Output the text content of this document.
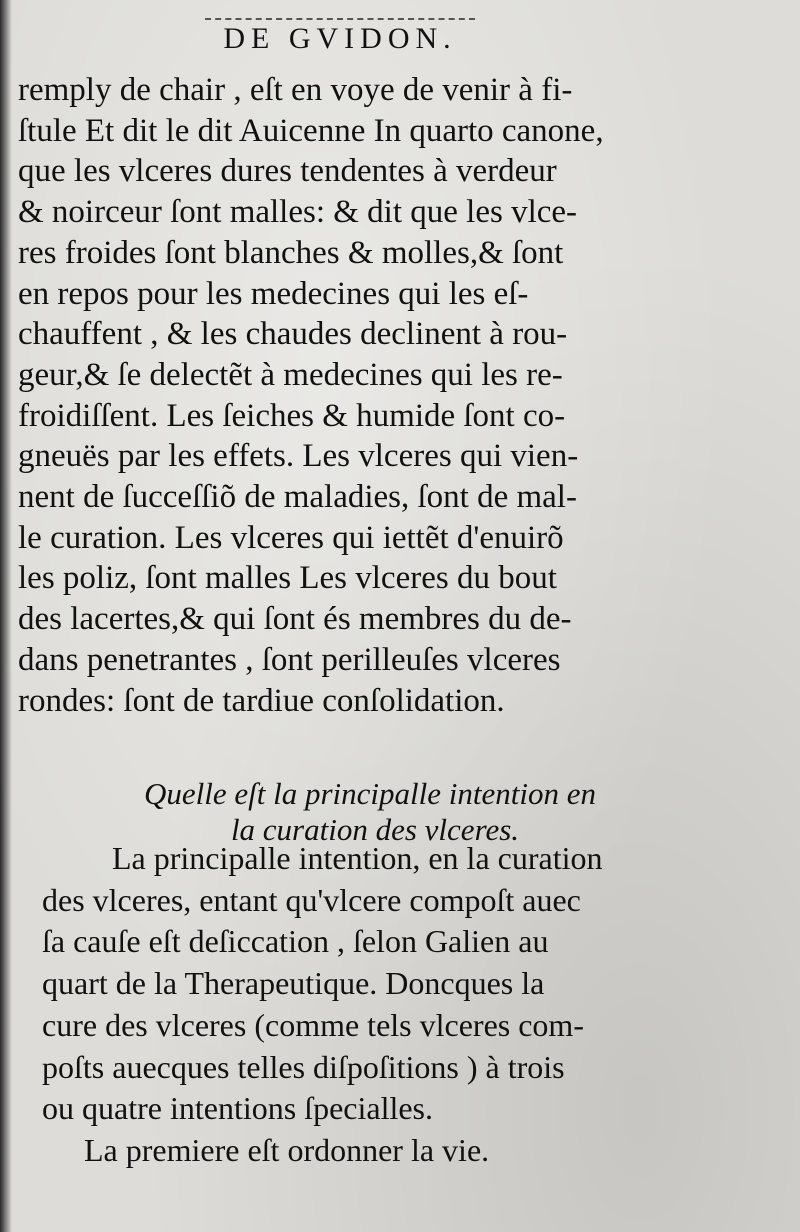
DE GVIDON.
remply de chair , eſt en voye de venir à fi-
ſtule Et dit le dit Auicenne In quarto canone,
que les vlceres dures tendentes à verdeur
& noirceur ſont malles: & dit que les vlce-
res froides ſont blanches & molles,& ſont
en repos pour les medecines qui les eſ-
chauffent , & les chaudes declinent à rou-
geur,& ſe delectẽt à medecines qui les re-
froidiſſent. Les ſeiches & humide ſont co-
gneuës par les effets. Les vlceres qui vien-
nent de ſucceſſiõ de maladies, ſont de mal-
le curation. Les vlceres qui iettẽt d'enuirõ
les poliz, ſont malles Les vlceres du bout
des lacertes,& qui ſont és membres du de-
dans penetrantes , ſont perilleuſes vlceres
rondes: ſont de tardiue conſolidation.
Quelle eſt la principalle intention en
la curation des vlceres.
La principalle intention, en la curation
des vlceres, entant qu'vlcere compoſt auec
ſa cauſe eſt deſiccation , ſelon Galien au
quart de la Therapeutique. Doncques la
cure des vlceres (comme tels vlceres com-
poſts auecques telles diſpoſitions ) à trois
ou quatre intentions ſpecialles.
La premiere eſt ordonner la vie.
